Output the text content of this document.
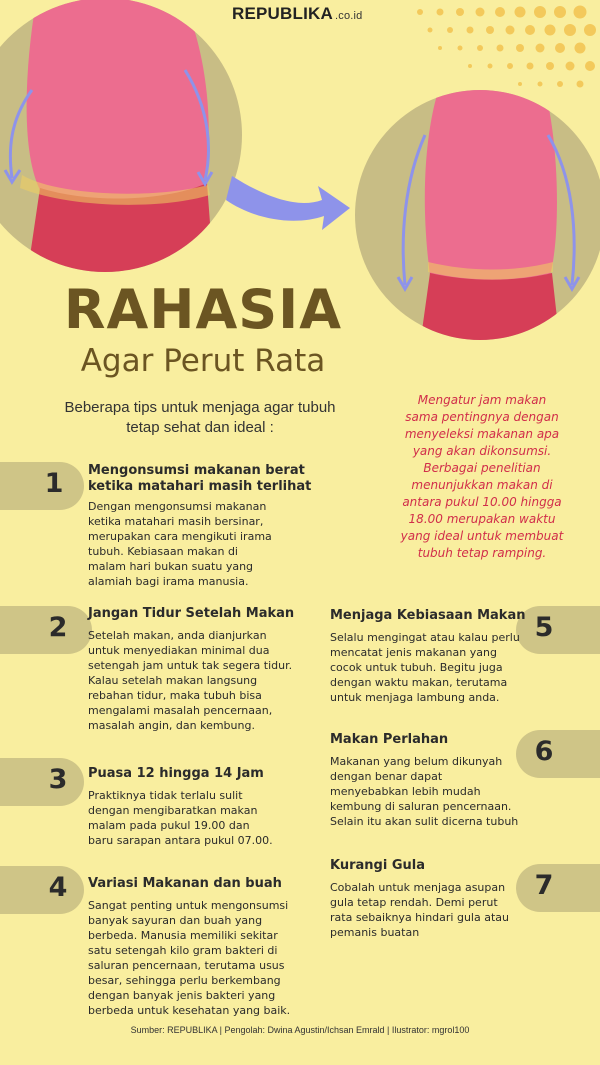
REPUBLIKA .co.id
RAHASIA
Agar Perut Rata
Beberapa tips untuk menjaga agar tubuh
tetap sehat dan ideal :
Mengatur jam makan
sama pentingnya dengan
menyeleksi makanan apa
yang akan dikonsumsi.
Berbagai penelitian
menunjukkan makan di
antara pukul 10.00 hingga
18.00 merupakan waktu
yang ideal untuk membuat
tubuh tetap ramping.
1
2
3
4
5
6
7
Mengonsumsi makanan berat
ketika matahari masih terlihat
Dengan mengonsumsi makanan
ketika matahari masih bersinar,
merupakan cara mengikuti irama
tubuh. Kebiasaan makan di
malam hari bukan suatu yang
alamiah bagi irama manusia.
Jangan Tidur Setelah Makan
Setelah makan, anda dianjurkan
untuk menyediakan minimal dua
setengah jam untuk tak segera tidur.
Kalau setelah makan langsung
rebahan tidur, maka tubuh bisa
mengalami masalah pencernaan,
masalah angin, dan kembung.
Puasa 12 hingga 14 Jam
Praktiknya tidak terlalu sulit
dengan mengibaratkan makan
malam pada pukul 19.00 dan
baru sarapan antara pukul 07.00.
Variasi Makanan dan buah
Sangat penting untuk mengonsumsi
banyak sayuran dan buah yang
berbeda. Manusia memiliki sekitar
satu setengah kilo gram bakteri di
saluran pencernaan, terutama usus
besar, sehingga perlu berkembang
dengan banyak jenis bakteri yang
berbeda untuk kesehatan yang baik.
Menjaga Kebiasaan Makan
Selalu mengingat atau kalau perlu
mencatat jenis makanan yang
cocok untuk tubuh. Begitu juga
dengan waktu makan, terutama
untuk menjaga lambung anda.
Makan Perlahan
Makanan yang belum dikunyah
dengan benar dapat
menyebabkan lebih mudah
kembung di saluran pencernaan.
Selain itu akan sulit dicerna tubuh
Kurangi Gula
Cobalah untuk menjaga asupan
gula tetap rendah. Demi perut
rata sebaiknya hindari gula atau
pemanis buatan
Sumber: REPUBLIKA | Pengolah: Dwina Agustin/Ichsan Emrald | Ilustrator: mgrol100
